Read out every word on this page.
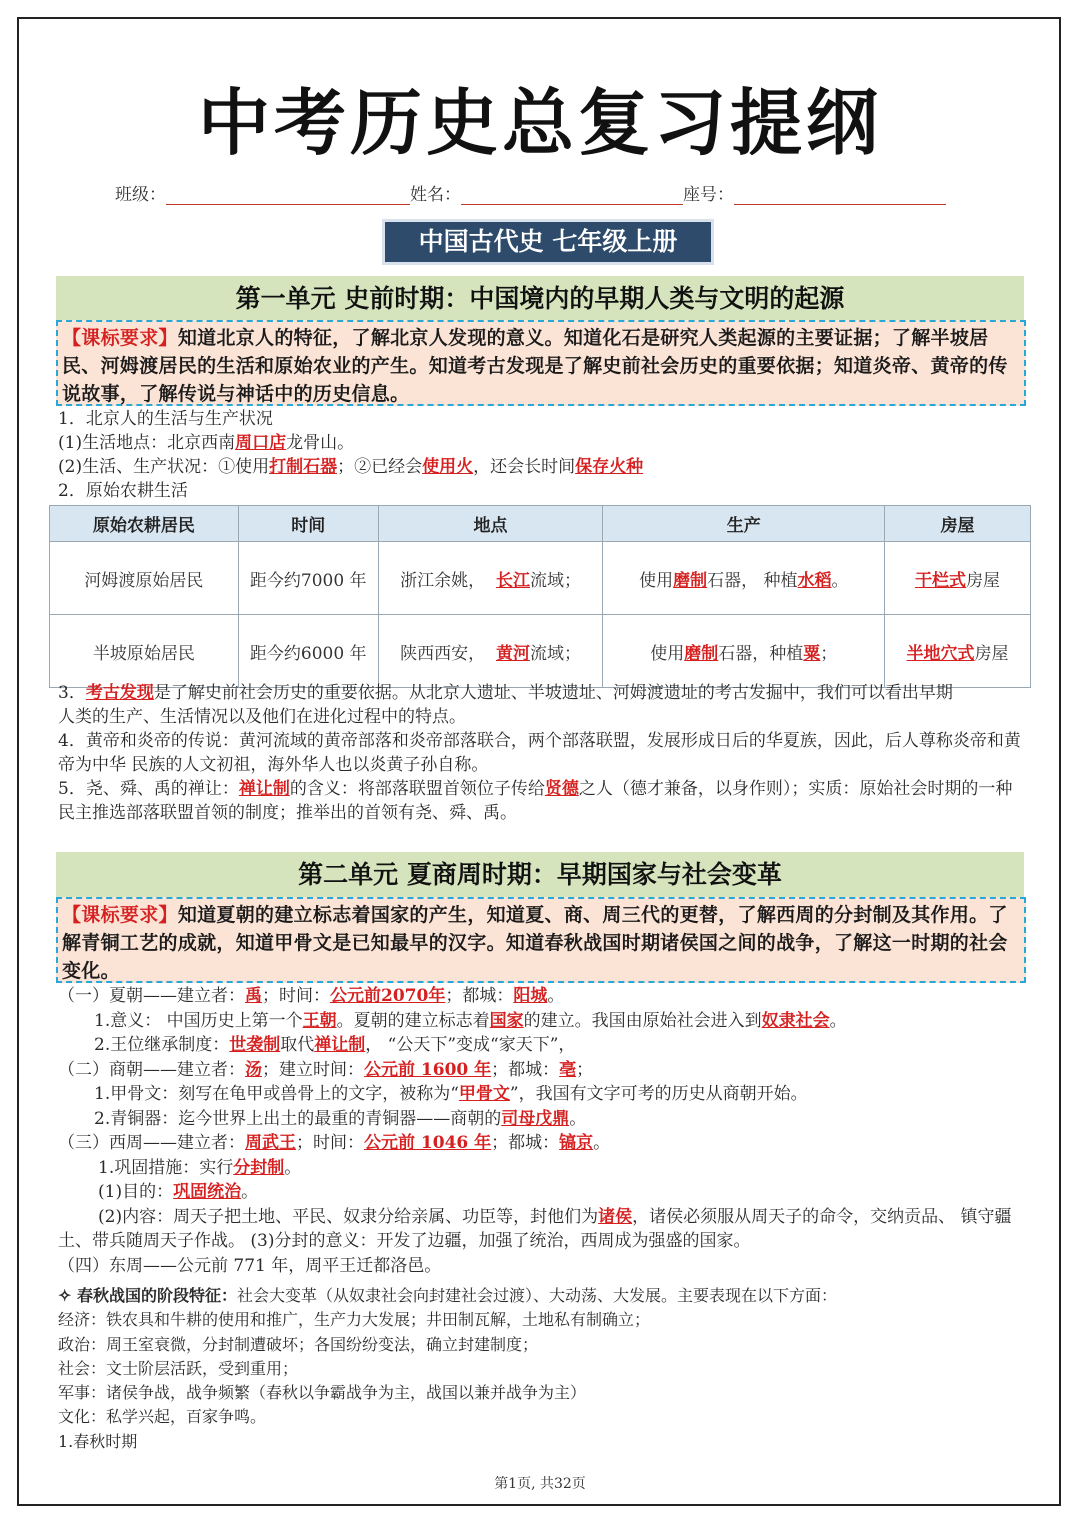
中考历史总复习提纲
班级：	姓名：	座号：
中国古代史 七年级上册
第一单元 史前时期：中国境内的早期人类与文明的起源
【课标要求】知道北京人的特征，了解北京人发现的意义。知道化石是研究人类起源的主要证据；了解半坡居民、河姆渡居民的生活和原始农业的产生。知道考古发现是了解史前社会历史的重要依据；知道炎帝、黄帝的传说故事，了解传说与神话中的历史信息。

1．北京人的生活与生产状况

(1)生活地点：北京西南周口店龙骨山。

(2)生活、生产状况：①使用打制石器；②已经会使用火，还会长时间保存火种

2．原始农耕生活

原始农耕居民	时间	地点	生产	房屋
河姆渡原始居民	距今约7000 年	浙江余姚， 长江流域；	使用磨制石器， 种植水稻。	干栏式房屋
半坡原始居民	距今约6000 年	陕西西安， 黄河流域；	使用磨制石器，种植粟；	半地穴式房屋

3．考古发现是了解史前社会历史的重要依据。从北京人遗址、半坡遗址、河姆渡遗址的考古发掘中，我们可以看出早期

人类的生产、生活情况以及他们在进化过程中的特点。

4．黄帝和炎帝的传说：黄河流域的黄帝部落和炎帝部落联合，两个部落联盟，发展形成日后的华夏族，因此，后人尊称炎帝和黄帝为中华 民族的人文初祖，海外华人也以炎黄子孙自称。

5．尧、舜、禹的禅让：禅让制的含义：将部落联盟首领位子传给贤德之人（德才兼备，以身作则）；实质：原始社会时期的一种民主推选部落联盟首领的制度；推举出的首领有尧、舜、禹。

第二单元 夏商周时期：早期国家与社会变革
【课标要求】知道夏朝的建立标志着国家的产生，知道夏、商、周三代的更替，了解西周的分封制及其作用。了解青铜工艺的成就，知道甲骨文是已知最早的汉字。知道春秋战国时期诸侯国之间的战争，了解这一时期的社会变化。

（一）夏朝——建立者：禹；时间：公元前2070年；都城：阳城。

1.意义： 中国历史上第一个王朝。夏朝的建立标志着国家的建立。我国由原始社会进入到奴隶社会。

2.王位继承制度：世袭制取代禅让制， “公天下”变成“家天下”，

（二）商朝——建立者：汤；建立时间：公元前 1600 年；都城：亳；

1.甲骨文：刻写在龟甲或兽骨上的文字，被称为“甲骨文”，我国有文字可考的历史从商朝开始。

2.青铜器：迄今世界上出土的最重的青铜器——商朝的司母戊鼎。

（三）西周——建立者：周武王；时间：公元前 1046 年；都城：镐京。

1.巩固措施：实行分封制。

(1)目的：巩固统治。

(2)内容：周天子把土地、平民、奴隶分给亲属、功臣等，封他们为诸侯，诸侯必须服从周天子的命令，交纳贡品、 镇守疆土、带兵随周天子作战。 (3)分封的意义：开发了边疆，加强了统治，西周成为强盛的国家。

（四）东周——公元前 771 年，周平王迁都洛邑。

✧ 春秋战国的阶段特征：社会大变革（从奴隶社会向封建社会过渡）、大动荡、大发展。主要表现在以下方面：

经济：铁农具和牛耕的使用和推广，生产力大发展；井田制瓦解，土地私有制确立；

政治：周王室衰微，分封制遭破坏；各国纷纷变法，确立封建制度；

社会：文士阶层活跃，受到重用；

军事：诸侯争战，战争频繁（春秋以争霸战争为主，战国以兼并战争为主）

文化：私学兴起，百家争鸣。

1.春秋时期

第1页, 共32页
